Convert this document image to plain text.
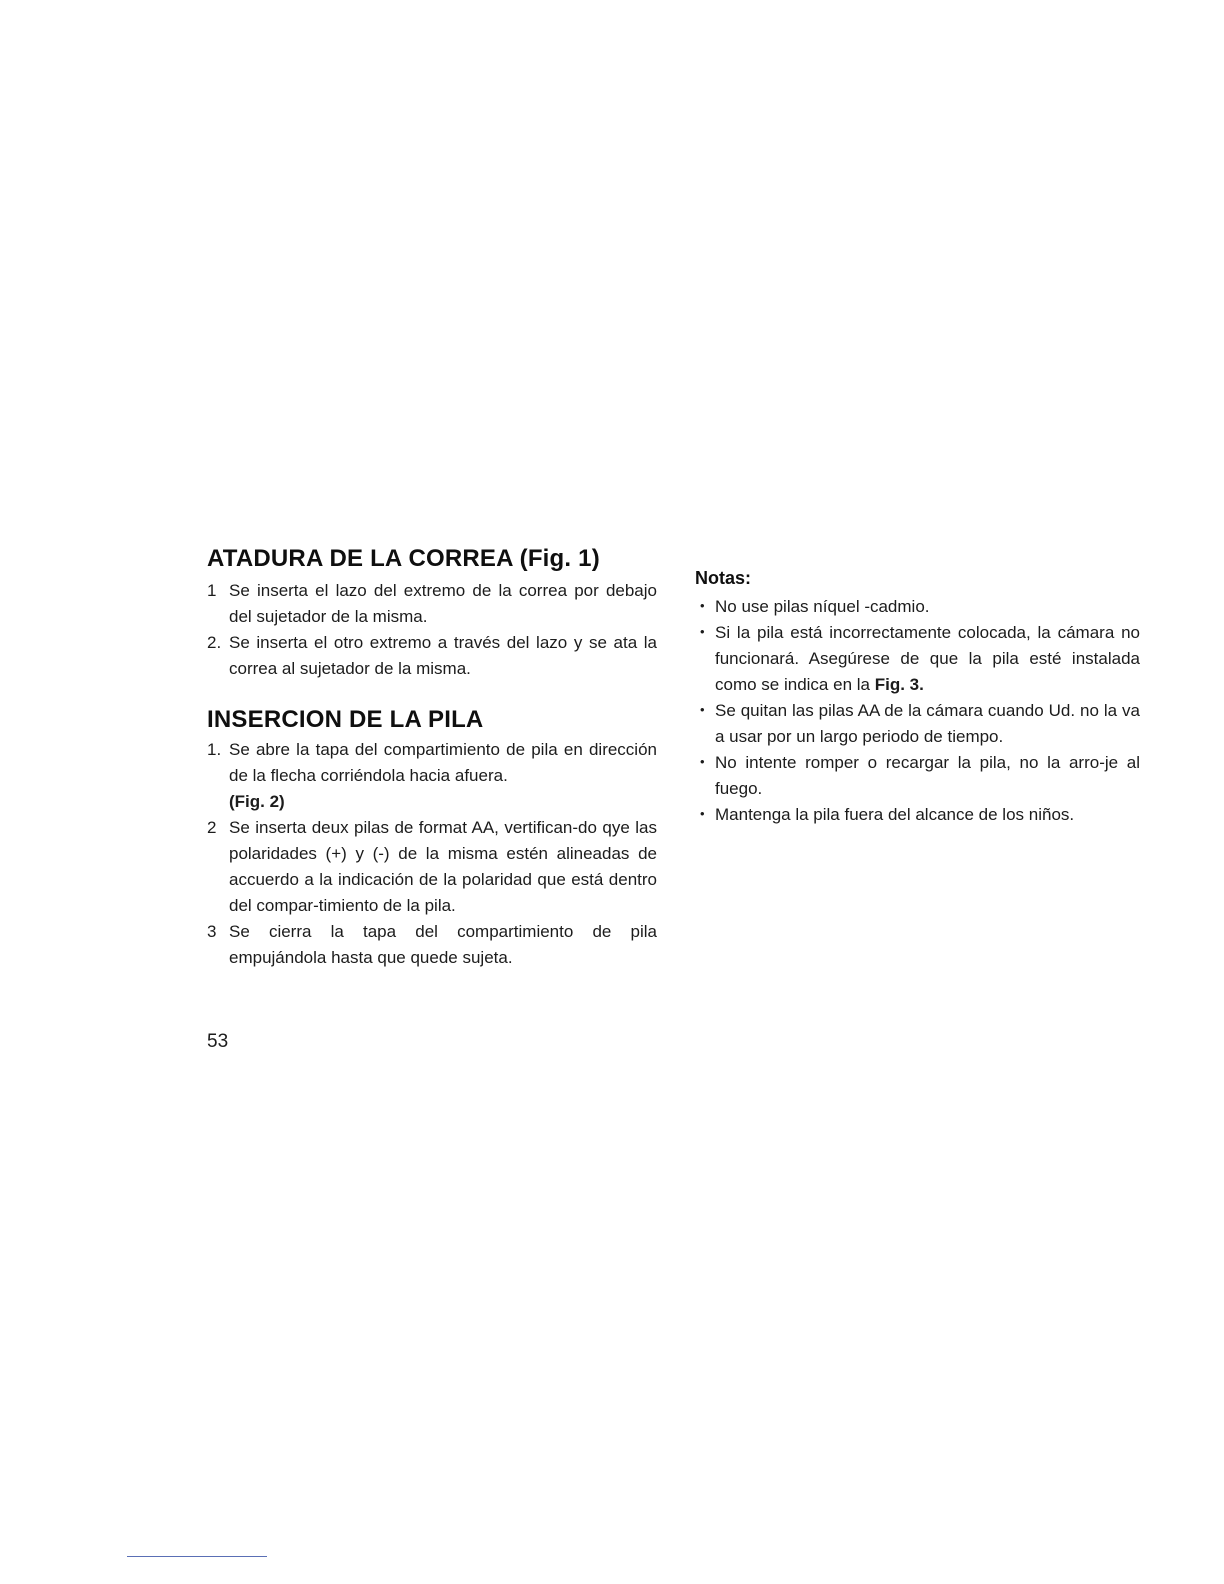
ATADURA DE LA CORREA (Fig. 1)
1 Se inserta el lazo del extremo de la correa por debajo del sujetador de la misma.
2. Se inserta el otro extremo a través del lazo y se ata la correa al sujetador de la misma.
INSERCION DE LA PILA
1. Se abre la tapa del compartimiento de pila en dirección de la flecha corriéndola hacia afuera.
(Fig. 2)
2 Se inserta deux pilas de format AA, vertifican-do qye las polaridades (+) y (-) de la misma estén alineadas de accuerdo a la indicación de la polaridad que está dentro del compar-timiento de la pila.
3 Se cierra la tapa del compartimiento de pila empujándola hasta que quede sujeta.
Notas:
• No use pilas níquel -cadmio.
• Si la pila está incorrectamente colocada, la cámara no funcionará. Asegúrese de que la pila esté instalada como se indica en la Fig. 3.
• Se quitan las pilas AA de la cámara cuando Ud. no la va a usar por un largo periodo de tiempo.
• No intente romper o recargar la pila, no la arro-je al fuego.
• Mantenga la pila fuera del alcance de los niños.
53
